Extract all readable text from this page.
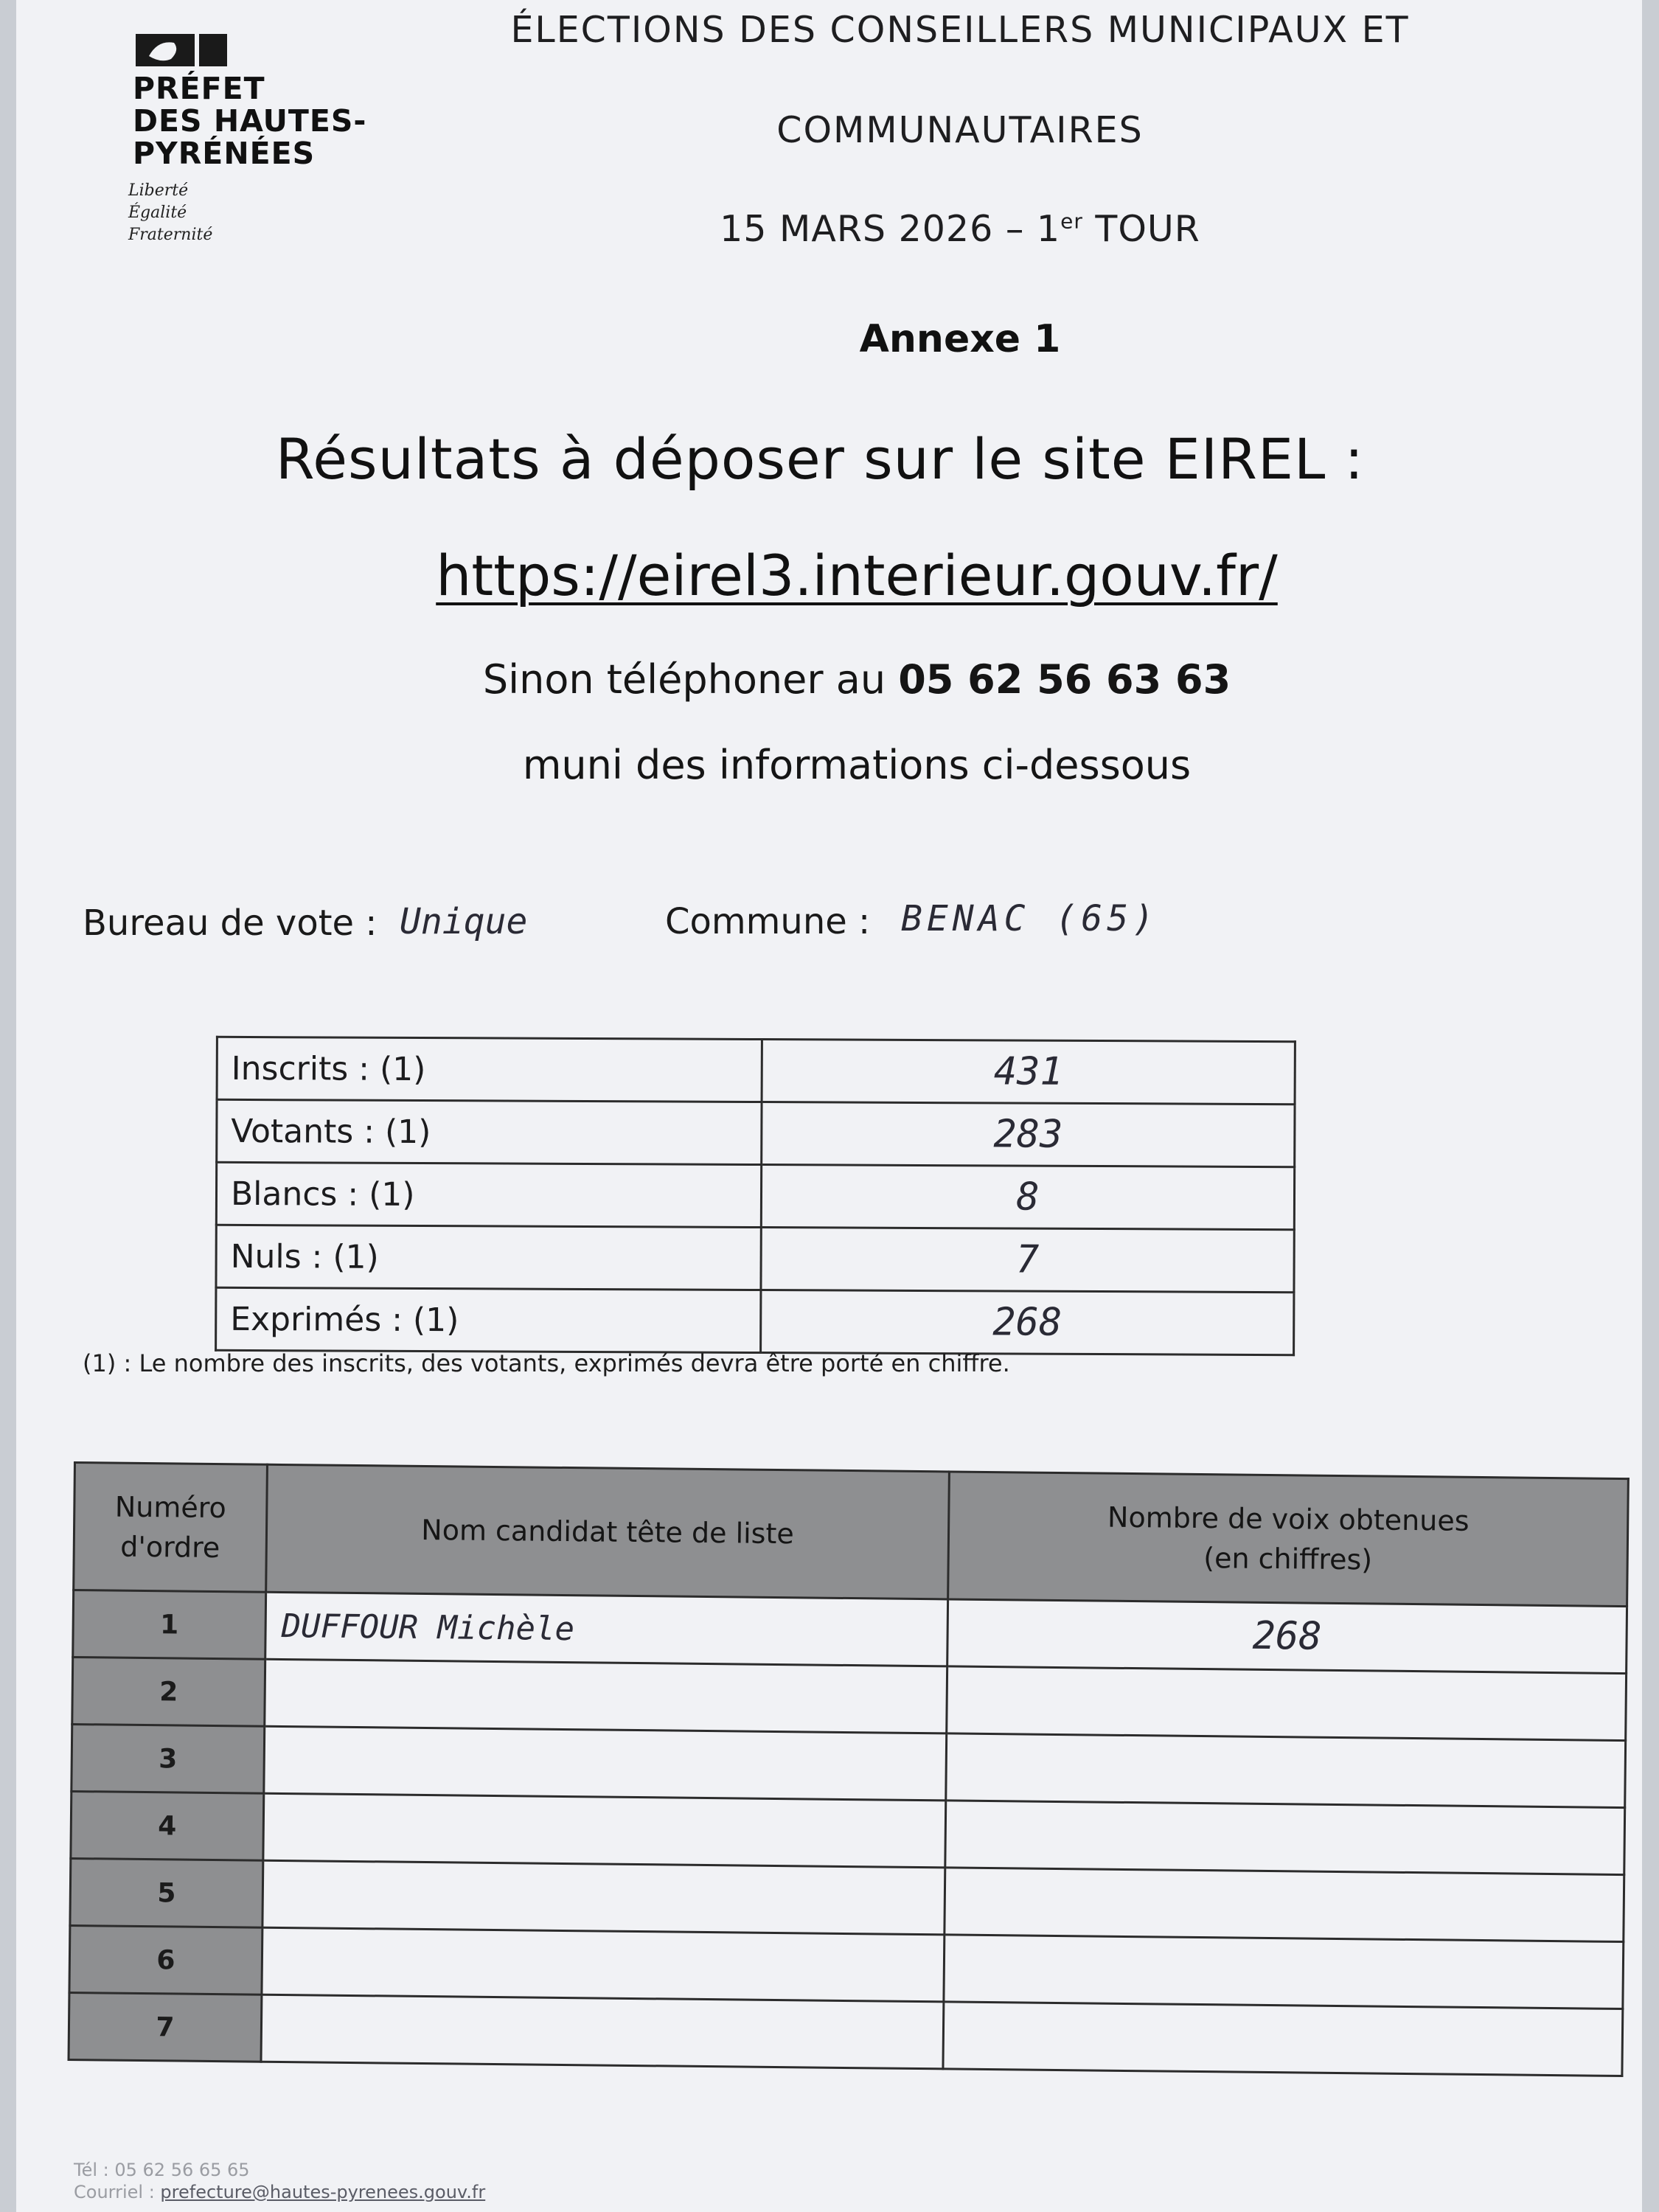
PRÉFET
DES HAUTES-
PYRÉNÉES
Liberté
Égalité
Fraternité
ÉLECTIONS DES CONSEILLERS MUNICIPAUX ET
COMMUNAUTAIRES
15 MARS 2026 – 1er TOUR
Annexe 1
Résultats à déposer sur le site EIREL :
https://eirel3.interieur.gouv.fr/
Sinon téléphoner au 05 62 56 63 63
muni des informations ci-dessous
Bureau de vote : Unique	Commune : BENAC (65)
Inscrits : (1)	431
Votants : (1)	283
Blancs : (1)	8
Nuls : (1)	7
Exprimés : (1)	268
(1) : Le nombre des inscrits, des votants, exprimés devra être porté en chiffre.
Numéro
d'ordre	Nom candidat tête de liste	Nombre de voix obtenues
(en chiffres)
1	DUFFOUR Michèle	268
2		
3		
4		
5		
6		
7		
Tél : 05 62 56 65 65
Courriel : prefecture@hautes-pyrenees.gouv.fr
